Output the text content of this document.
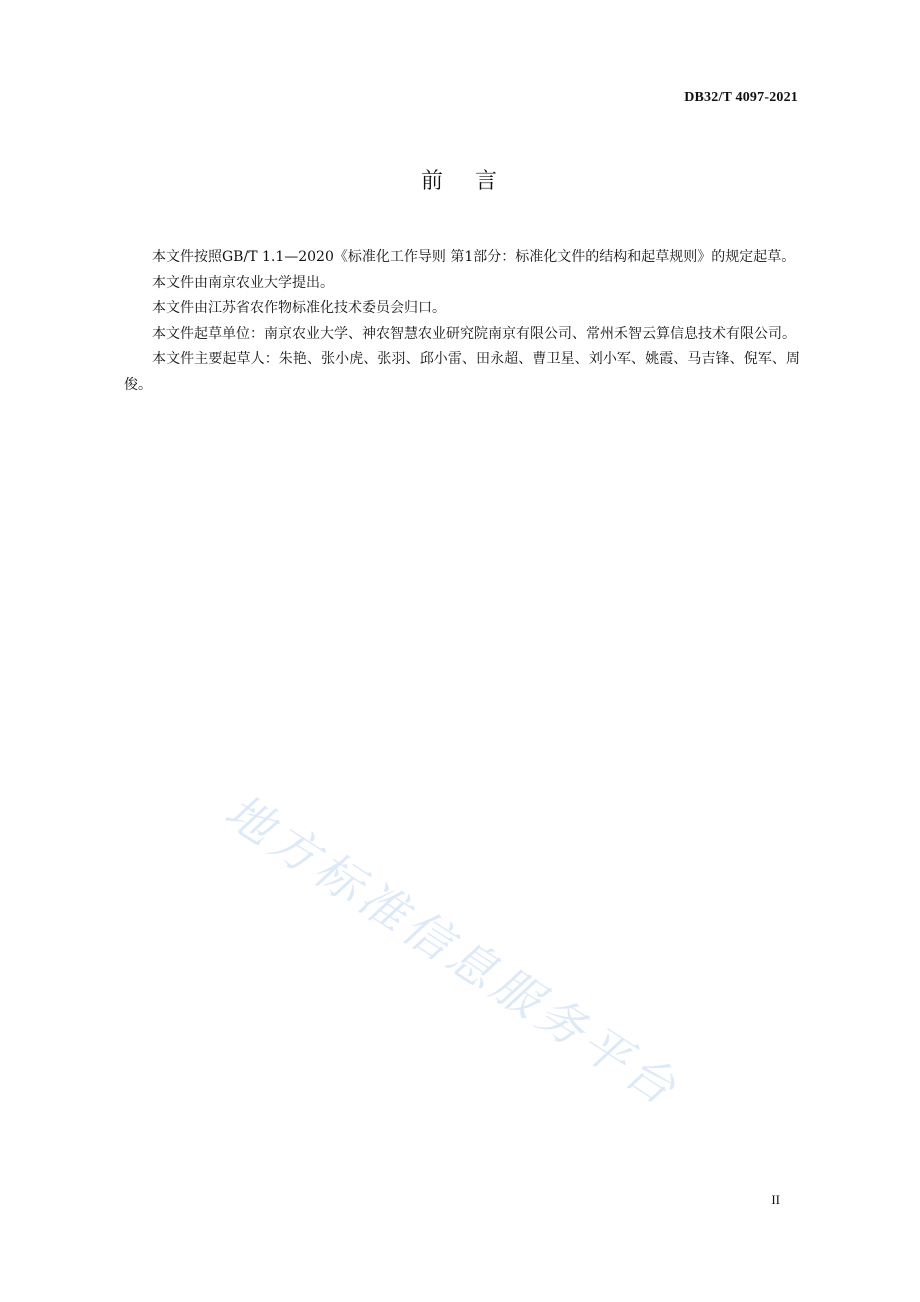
DB32/T 4097-2021
前 言

本文件按照GB/T 1.1—2020《标准化工作导则 第1部分：标准化文件的结构和起草规则》的规定起草。

本文件由南京农业大学提出。

本文件由江苏省农作物标准化技术委员会归口。

本文件起草单位：南京农业大学、神农智慧农业研究院南京有限公司、常州禾智云算信息技术有限公司。

本文件主要起草人：朱艳、张小虎、张羽、邱小雷、田永超、曹卫星、刘小军、姚霞、马吉锋、倪军、周俊。

地方标准信息服务平台
II
